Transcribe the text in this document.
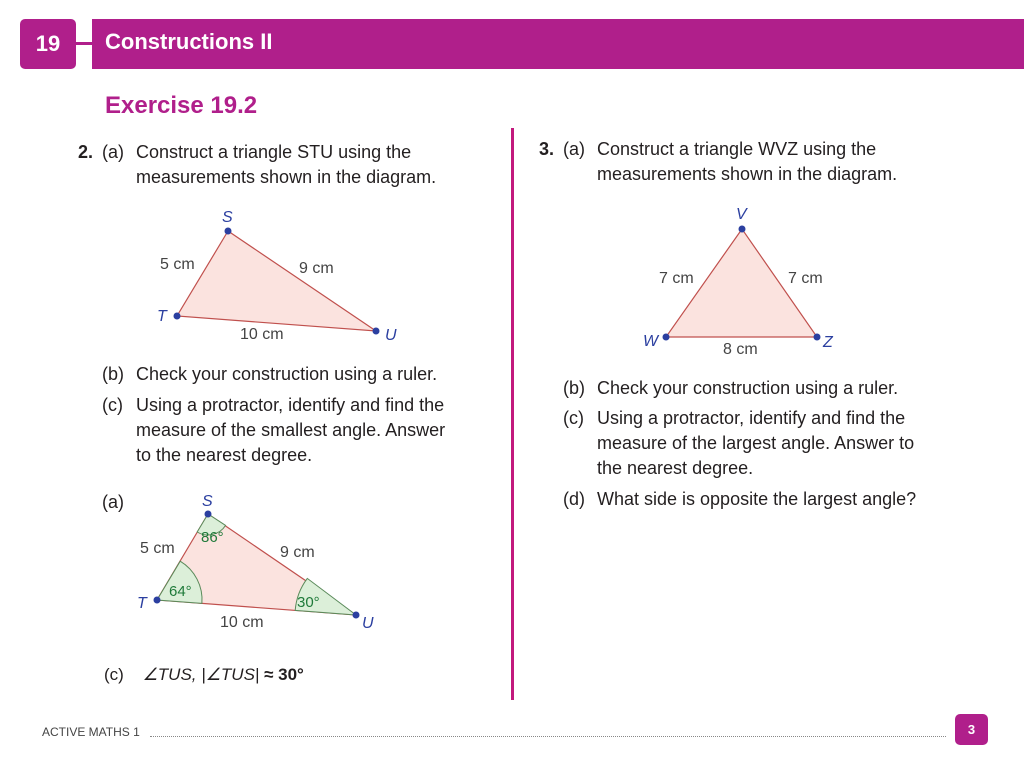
19	Constructions II
Exercise 19.2
2. (a) Construct a triangle STU using the
measurements shown in the diagram.
S
T
U
5 cm	9 cm
10 cm
(b) Check your construction using a ruler.
(c) Using a protractor, identify and find the
measure of the smallest angle. Answer
to the nearest degree.
(a)	S
T
U
5 cm	9 cm
10 cm
86°
64°
30°
(c) ∠TUS, |∠TUS| ≈ 30°
3. (a) Construct a triangle WVZ using the
measurements shown in the diagram.
V
W	Z
7 cm	7 cm
8 cm
(b) Check your construction using a ruler.
(c) Using a protractor, identify and find the
measure of the largest angle. Answer to
the nearest degree.
(d) What side is opposite the largest angle?
ACTIVE MATHS 1	3
